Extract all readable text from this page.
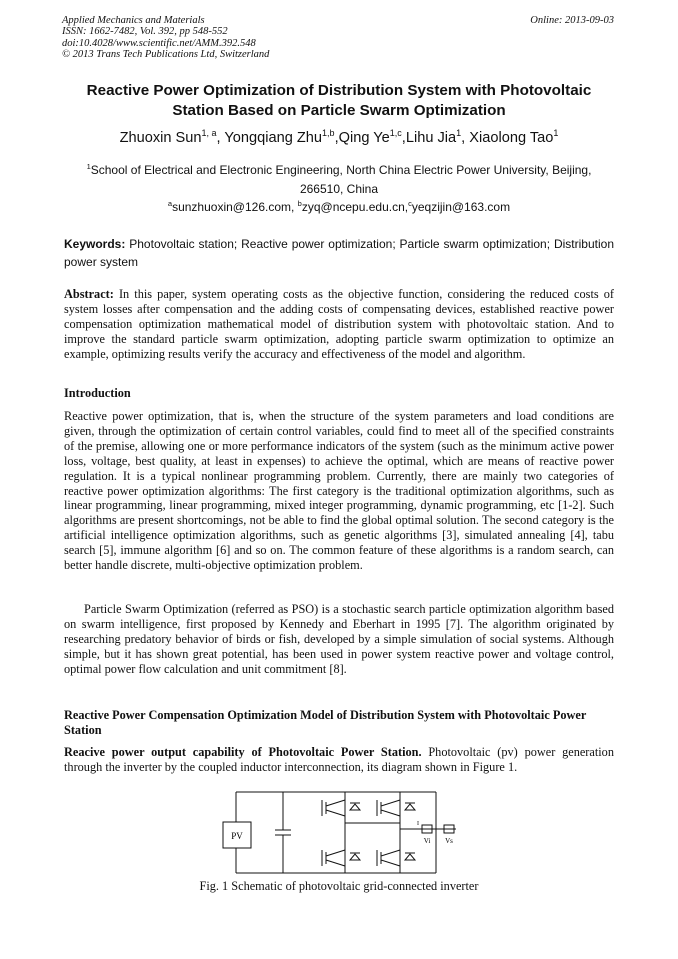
Applied Mechanics and Materials
ISSN: 1662-7482, Vol. 392, pp 548-552
doi:10.4028/www.scientific.net/AMM.392.548
© 2013 Trans Tech Publications Ltd, Switzerland
Online: 2013-09-03
Reactive Power Optimization of Distribution System with Photovoltaic
Station Based on Particle Swarm Optimization
Zhuoxin Sun$^{1, a}$, Yongqiang Zhu$^{1,b}$,Qing Ye$^{1,c}$,Lihu Jia$^1$, Xiaolong Tao$^1$
$^1$School of Electrical and Electronic Engineering, North China Electric Power University, Beijing,
266510, China
$^a$sunzhuoxin@126.com, $^b$zyq@ncepu.edu.cn,$^c$yeqzijin@163.com
Keywords: Photovoltaic station; Reactive power optimization; Particle swarm optimization; Distribution power system
Abstract: In this paper, system operating costs as the objective function, considering the reduced costs of system losses after compensation and the adding costs of compensating devices, established reactive power compensation optimization mathematical model of distribution system with photovoltaic station. And to improve the standard particle swarm optimization, adopting particle swarm optimization to optimize an example, optimizing results verify the accuracy and effectiveness of the model and algorithm.
Introduction
Reactive power optimization, that is, when the structure of the system parameters and load conditions are given, through the optimization of certain control variables, could find to meet all of the specified constraints of the premise, allowing one or more performance indicators of the system (such as the minimum active power loss, voltage, best quality, at least in expenses) to achieve the optimal, which are means of reactive power regulation. It is a typical nonlinear programming problem. Currently, there are mainly two categories of reactive power optimization algorithms: The first category is the traditional optimization algorithms, such as linear programming, linear programming, mixed integer programming, dynamic programming, etc [1-2]. Such algorithms are present shortcomings, not be able to find the global optimal solution. The second category is the artificial intelligence optimization algorithms, such as genetic algorithms [3], simulated annealing [4], tabu search [5], immune algorithm [6] and so on. The common feature of these algorithms is a random search, can better handle discrete, multi-objective optimization problem.
Particle Swarm Optimization (referred as PSO) is a stochastic search particle optimization algorithm based on swarm intelligence, first proposed by Kennedy and Eberhart in 1995 [7]. The algorithm originated by researching predatory behavior of birds or fish, developed by a simple simulation of social systems. Although simple, but it has shown great potential, has been used in power system reactive power and voltage control, optimal power flow calculation and unit commitment [8].
Reactive Power Compensation Optimization Model of Distribution System with Photovoltaic Power Station
Reacive power output capability of Photovoltaic Power Station. Photovoltaic (pv) power generation through the inverter by the coupled inductor interconnection, its diagram shown in Figure 1.
PV	Vi Vs
I
Fig. 1 Schematic of photovoltaic grid-connected inverter
